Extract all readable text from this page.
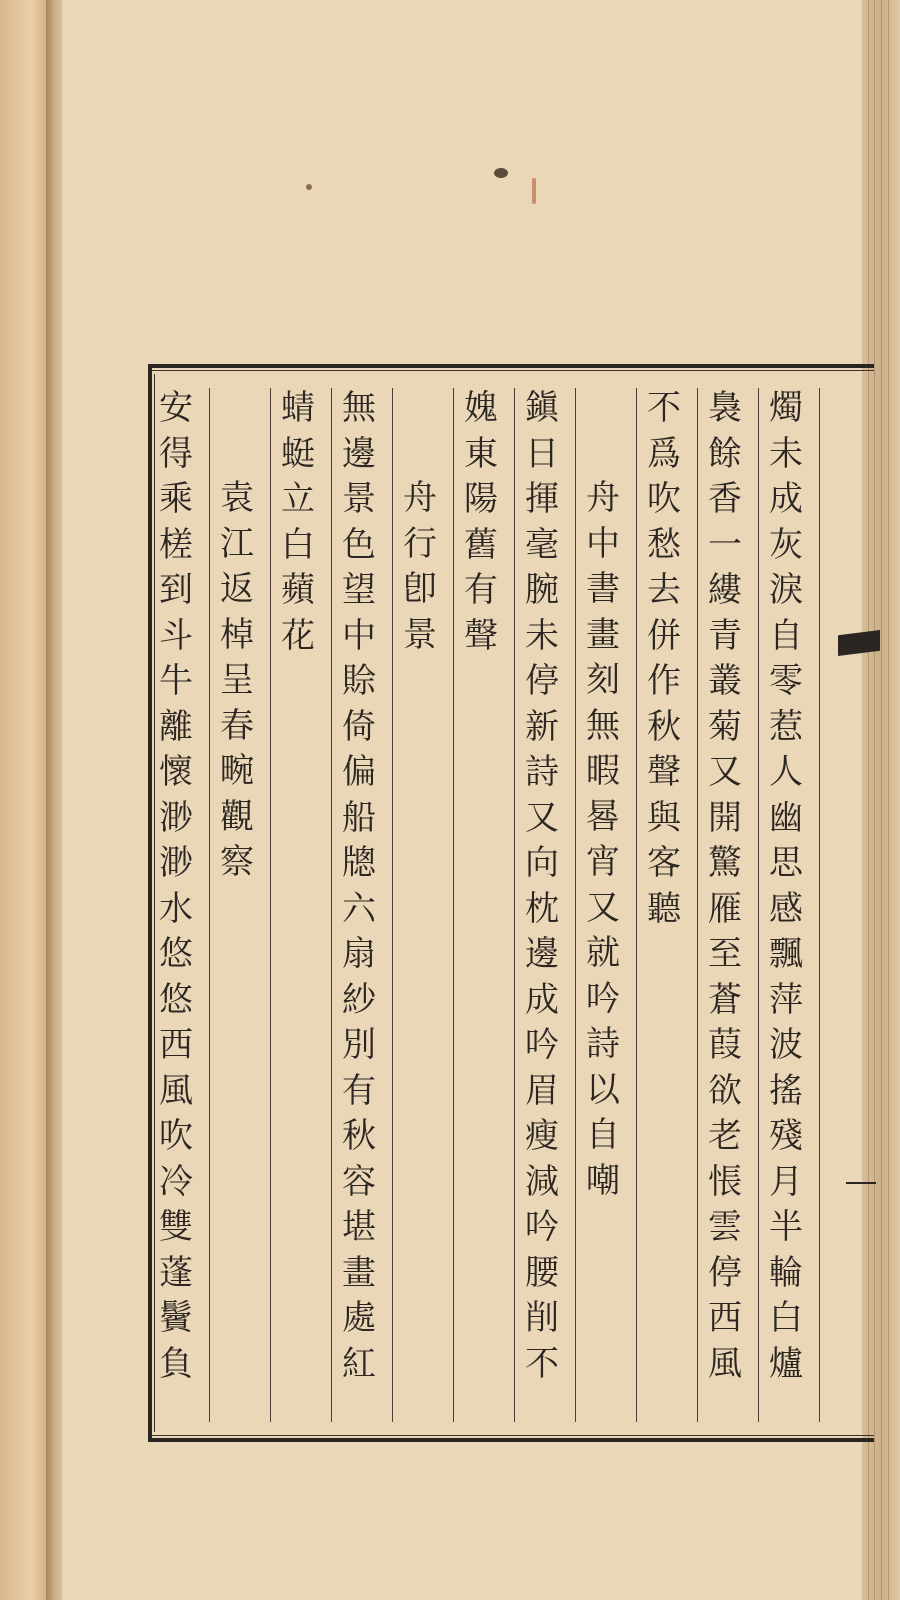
燭
未
成
灰
淚
自
零
惹
人
幽
思
感
飄
萍
波
搖
殘
月
半
輪
白
爐
裊
餘
香
一
縷
青
叢
菊
又
開
驚
雁
至
蒼
葭
欲
老
悵
雲
停
西
風
不
爲
吹
愁
去
併
作
秋
聲
與
客
聽
舟
中
書
畫
刻
無
暇
晷
宵
又
就
吟
詩
以
自
嘲
鎭
日
揮
毫
腕
未
停
新
詩
又
向
枕
邊
成
吟
眉
瘦
減
吟
腰
削
不
媿
東
陽
舊
有
聲
舟
行
卽
景
無
邊
景
色
望
中
賒
倚
偏
船
牕
六
扇
紗
別
有
秋
容
堪
畫
處
紅
蜻
蜓
立
白
蘋
花
袁
江
返
棹
呈
春
畹
觀
察
安
得
乘
槎
到
斗
牛
離
懷
渺
渺
水
悠
悠
西
風
吹
冷
雙
蓬
鬢
負
